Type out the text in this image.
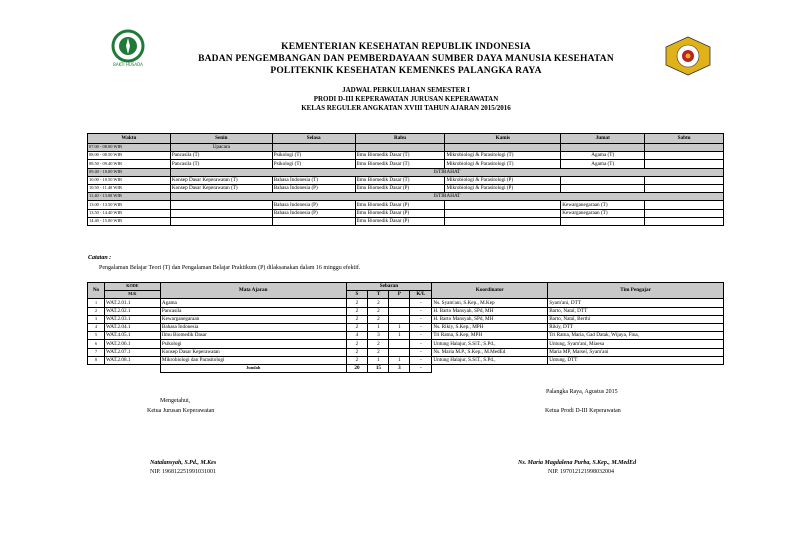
BAKTI HUSADA
KEMENTERIAN KESEHATAN REPUBLIK INDONESIA
BADAN PENGEMBANGAN DAN PEMBERDAYAAN SUMBER DAYA MANUSIA KESEHATAN
POLITEKNIK KESEHATAN KEMENKES PALANGKA RAYA
JADWAL PERKULIAHAN SEMESTER I
PRODI D-III KEPERAWATAN JURUSAN KEPERAWATAN
KELAS REGULER ANGKATAN XVIII TAHUN AJARAN 2015/2016
Waktu	Senin	Selasa	Rabu	Kamis	Jumat	Sabtu
07.00 - 08.00 WIB	Upacara					
08.00 - 08.50 WIB	Pancasila (T)	Psikologi (T)	Ilmu Biomedik Dasar (T)	Mikrobiologi & Parasitologi (T)	Agama (T)	
08.50 - 09.40 WIB	Pancasila (T)	Psikologi (T)	Ilmu Biomedik Dasar (T)	Mikrobiologi & Parasitologi (T)	Agama (T)	
09.40 - 10.00 WIB	ISTIRAHAT					
10.00 - 10.50 WIB	Konsep Dasar Keperawatan (T)	Bahasa Indonesia (T)	Ilmu Biomedik Dasar (T)	Mikrobiologi & Parasitologi (P)		
10.50 - 11.40 WIB	Konsep Dasar Keperawatan (T)	Bahasa Indonesia (P)	Ilmu Biomedik Dasar (P)	Mikrobiologi & Parasitologi (P)		
11.40 - 13.00 WIB	ISTIRAHAT					
13.00 - 13.50 WIB		Bahasa Indonesia (P)	Ilmu Biomedik Dasar (P)		Kewarganegaraan (T)	
13.50 - 14.40 WIB		Bahasa Indonesia (P)	Ilmu Biomedik Dasar (P)		Kewarganegaraan (T)	
14.40 - 15.00 WIB			Ilmu Biomedik Dasar (P)			
Catatan :
Pengalaman Belajar Teori (T) dan Pengalaman Belajar Praktikum (P) dilaksanakan dalam 16 minggu efektif.
No	KODE	Mata Ajaran	Sebaran				Koordinator	Tim Pengajar
	M.K		S	T	P	K/L		
1	WAT.2.01.1	Agama	2	2		-	Ns. Syam'ani, S.Kep., M.Kep	Syam'ani, DTT
2	WAT.2.02.1	Pancasila	2	2		-	H. Barto Mansyah, SPd, MH	Barto, Natal, DTT
3	WAT.2.03.1	Kewarganegaraan	2	2		-	H. Barto Mansyah, SPd, MH	Barto, Natal, Berthi
4	WAT.2.04.1	Bahasa Indonesia	2	1	1	-	Ns. Rikiy, S.Kep., MPH	Rikiy, DTT
5	WAT.4.05.1	Ilmu Biomedik Dasar	4	3	1	-	Tri Ratna, S.Kep, MPH	Tri Ratna, Maria, Gad Datak, Wijaya, Fina,
6	WAT.2.06.1	Psikologi	2	2		-	Untung Halajur, S.SiT., S.Pd.,	Untung, Syam'ani, Miaesa
7	WAT.2.07.1	Konsep Dasar Keperawatan	2	2		-	Ns. Maria M.P., S.Kep., M.MedEd	Maria MP, Marsel, Syam'ani
8	WAT.2.08.1	Mikrobiologi dan Parasitologi	2	1	1	-	Untung Halajur, S.SiT., S.Pd.,	Untung, DTT
		Jumlah	20	15	3	-		
Palangka Raya, Agustus 2015
Mengetahui,
Ketua Jurusan Keperawatan
Natalansyah, S.Pd., M.Kes
NIP. 196812251991031001
Ketua Prodi D-III Keperawatan
Ns. Maria Magdalena Purba, S.Kep., M.MedEd
NIP. 197012121998032004
